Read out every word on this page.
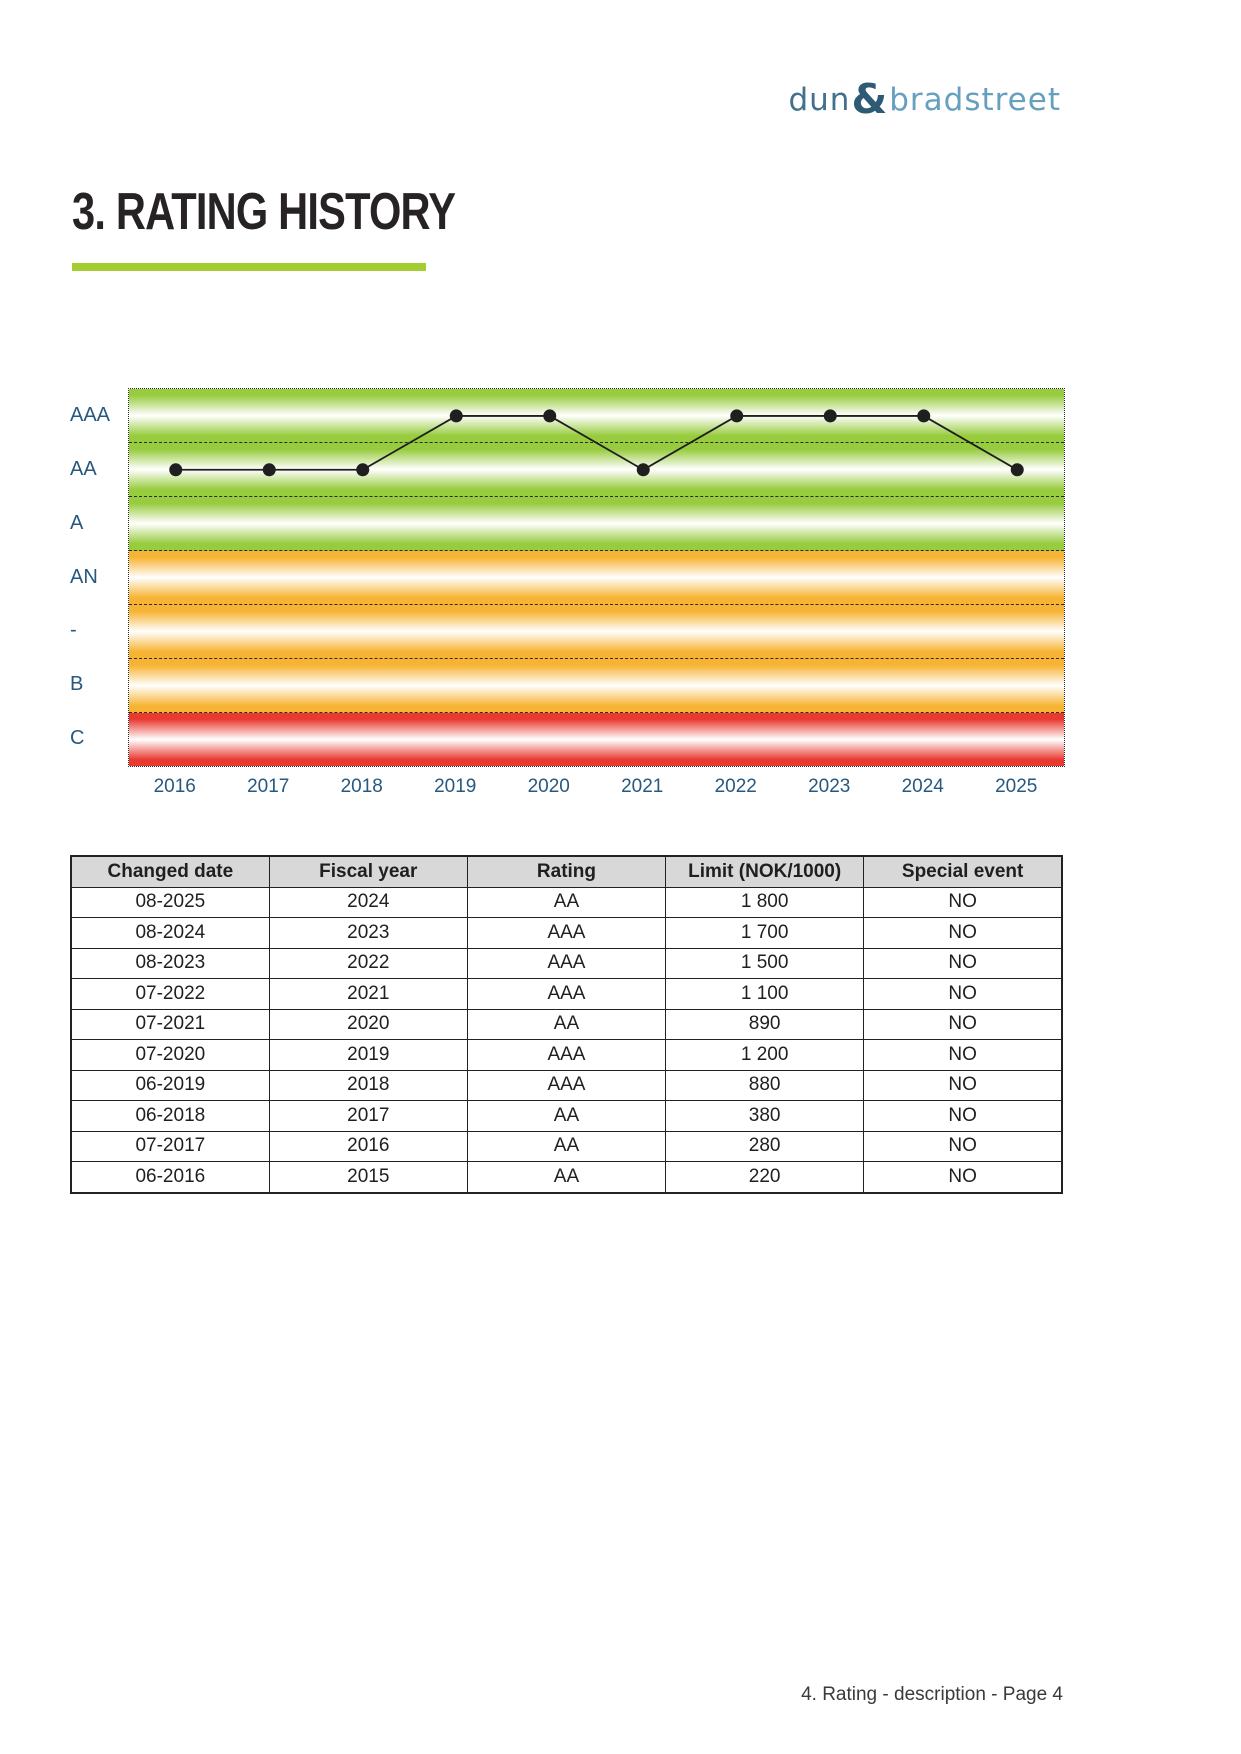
dun & bradstreet
3. RATING HISTORY
AAA
AA
A
AN
-
B
C
2016	2017	2018	2019	2020	2021	2022	2023	2024	2025
Changed date	Fiscal year	Rating	Limit (NOK/1000)	Special event
08-2025	2024	AA	1 800	NO
08-2024	2023	AAA	1 700	NO
08-2023	2022	AAA	1 500	NO
07-2022	2021	AAA	1 100	NO
07-2021	2020	AA	890	NO
07-2020	2019	AAA	1 200	NO
06-2019	2018	AAA	880	NO
06-2018	2017	AA	380	NO
07-2017	2016	AA	280	NO
06-2016	2015	AA	220	NO
4. Rating - description - Page 4
